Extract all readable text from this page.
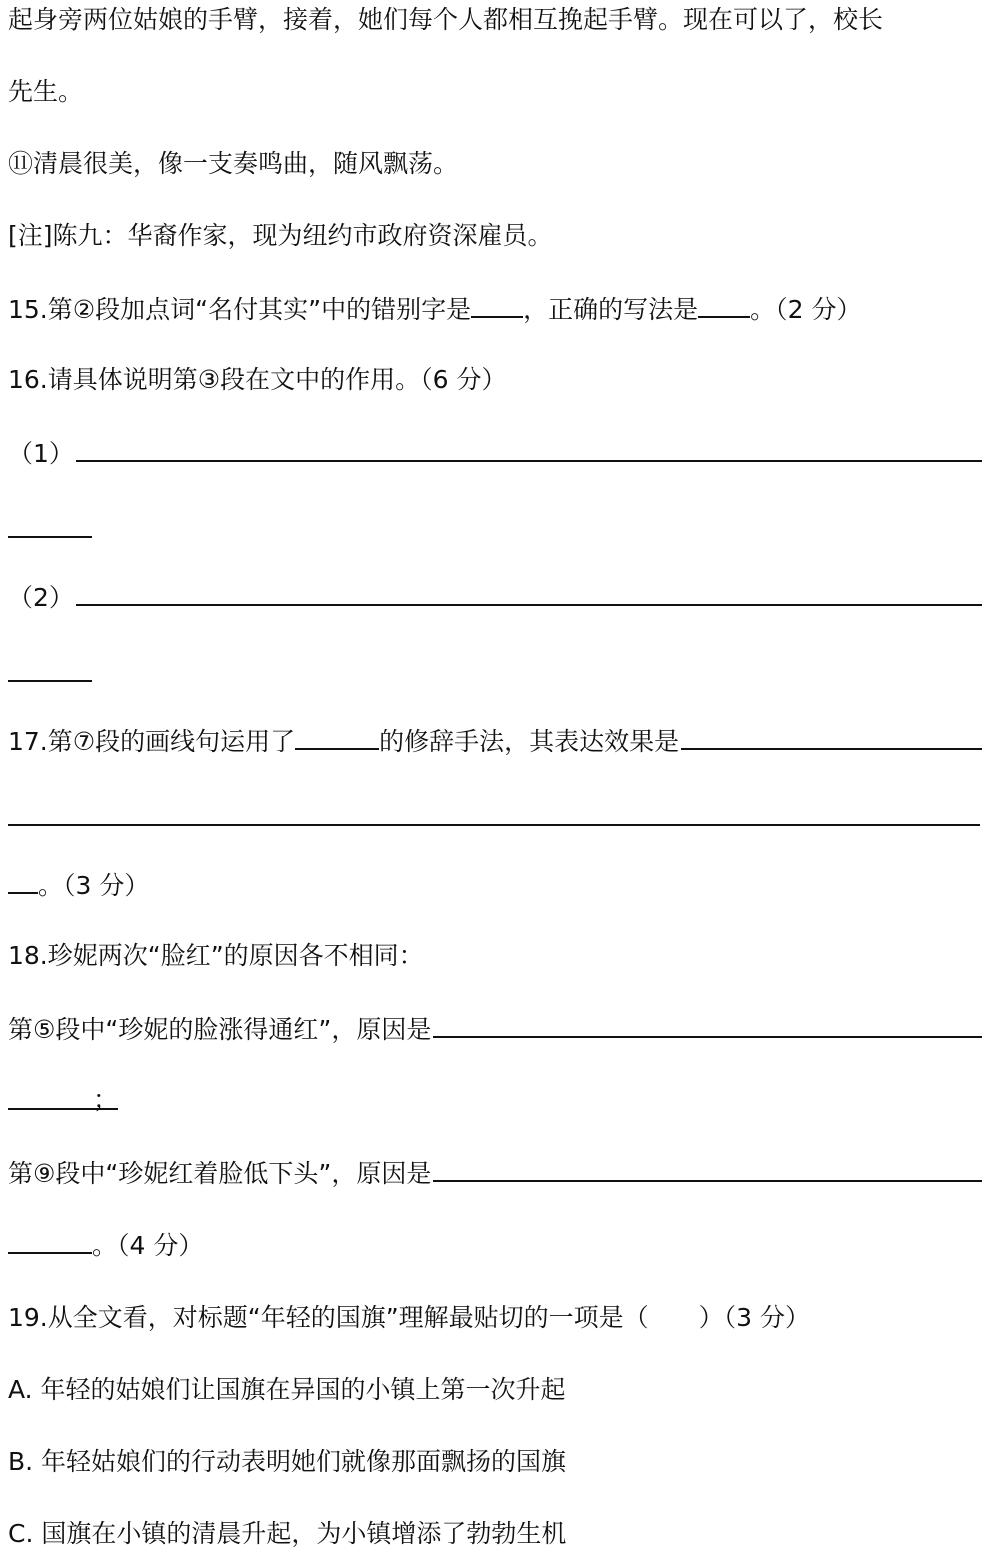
起身旁两位姑娘的手臂，接着，她们每个人都相互挽起手臂。现在可以了，校长
先生。
⑪清晨很美，像一支奏鸣曲，随风飘荡。
[注]陈九：华裔作家，现为纽约市政府资深雇员。
15.第②段加点词“名付其实”中的错别字是 ，正确的写法是 。（2 分）
16.请具体说明第③段在文中的作用。（6 分）
（1）
（2）
17.第⑦段的画线句运用了	的修辞手法，其表达效果是
。（3 分）
18.珍妮两次“脸红”的原因各不相同：
第⑤段中“珍妮的脸涨得通红”，原因是
；
第⑨段中“珍妮红着脸低下头”，原因是
。（4 分）
19.从全文看，对标题“年轻的国旗”理解最贴切的一项是（　　）（3 分）
A. 年轻的姑娘们让国旗在异国的小镇上第一次升起
B. 年轻姑娘们的行动表明她们就像那面飘扬的国旗
C. 国旗在小镇的清晨升起，为小镇增添了勃勃生机
